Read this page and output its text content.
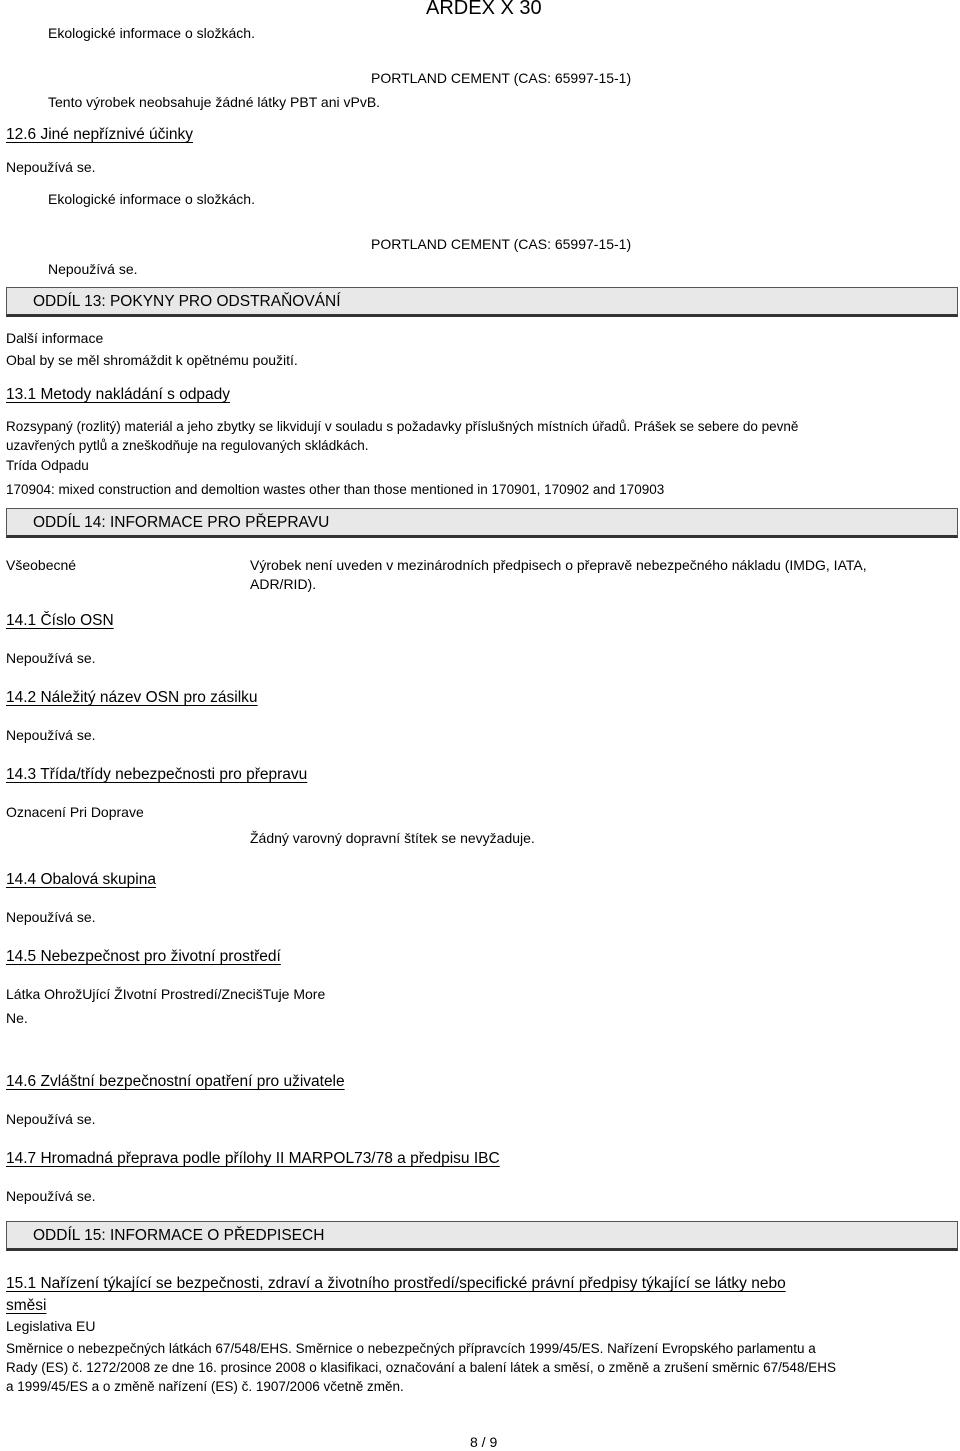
ARDEX X 30
Ekologické informace o složkách.
PORTLAND CEMENT (CAS: 65997-15-1)
Tento výrobek neobsahuje žádné látky PBT ani vPvB.
12.6 Jiné nepříznivé účinky
Nepoužívá se.
Ekologické informace o složkách.
PORTLAND CEMENT (CAS: 65997-15-1)
Nepoužívá se.
ODDÍL 13: POKYNY PRO ODSTRAŇOVÁNÍ
Další informace
Obal by se měl shromáždit k opětnému použití.
13.1 Metody nakládání s odpady
Rozsypaný (rozlitý) materiál a jeho zbytky se likvidují v souladu s požadavky příslušných místních úřadů. Prášek se sebere do pevně
uzavřených pytlů a zneškodňuje na regulovaných skládkách.
Trída Odpadu
170904: mixed construction and demoltion wastes other than those mentioned in 170901, 170902 and 170903
ODDÍL 14: INFORMACE PRO PŘEPRAVU
Všeobecné	Výrobek není uveden v mezinárodních předpisech o přepravě nebezpečného nákladu (IMDG, IATA,
ADR/RID).
14.1 Číslo OSN
Nepoužívá se.
14.2 Náležitý název OSN pro zásilku
Nepoužívá se.
14.3 Třída/třídy nebezpečnosti pro přepravu
Oznacení Pri Doprave
Žádný varovný dopravní štítek se nevyžaduje.
14.4 Obalová skupina
Nepoužívá se.
14.5 Nebezpečnost pro životní prostředí
Látka OhrožUjící ŽIvotní Prostredí/ZnecišTuje More
Ne.
14.6 Zvláštní bezpečnostní opatření pro uživatele
Nepoužívá se.
14.7 Hromadná přeprava podle přílohy II MARPOL73/78 a předpisu IBC
Nepoužívá se.
ODDÍL 15: INFORMACE O PŘEDPISECH
15.1 Nařízení týkající se bezpečnosti, zdraví a životního prostředí/specifické právní předpisy týkající se látky nebo
směsi
Legislativa EU
Směrnice o nebezpečných látkách 67/548/EHS. Směrnice o nebezpečných přípravcích 1999/45/ES. Nařízení Evropského parlamentu a
Rady (ES) č. 1272/2008 ze dne 16. prosince 2008 o klasifikaci, označování a balení látek a směsí, o změně a zrušení směrnic 67/548/EHS
a 1999/45/ES a o změně nařízení (ES) č. 1907/2006 včetně změn.
8 / 9
